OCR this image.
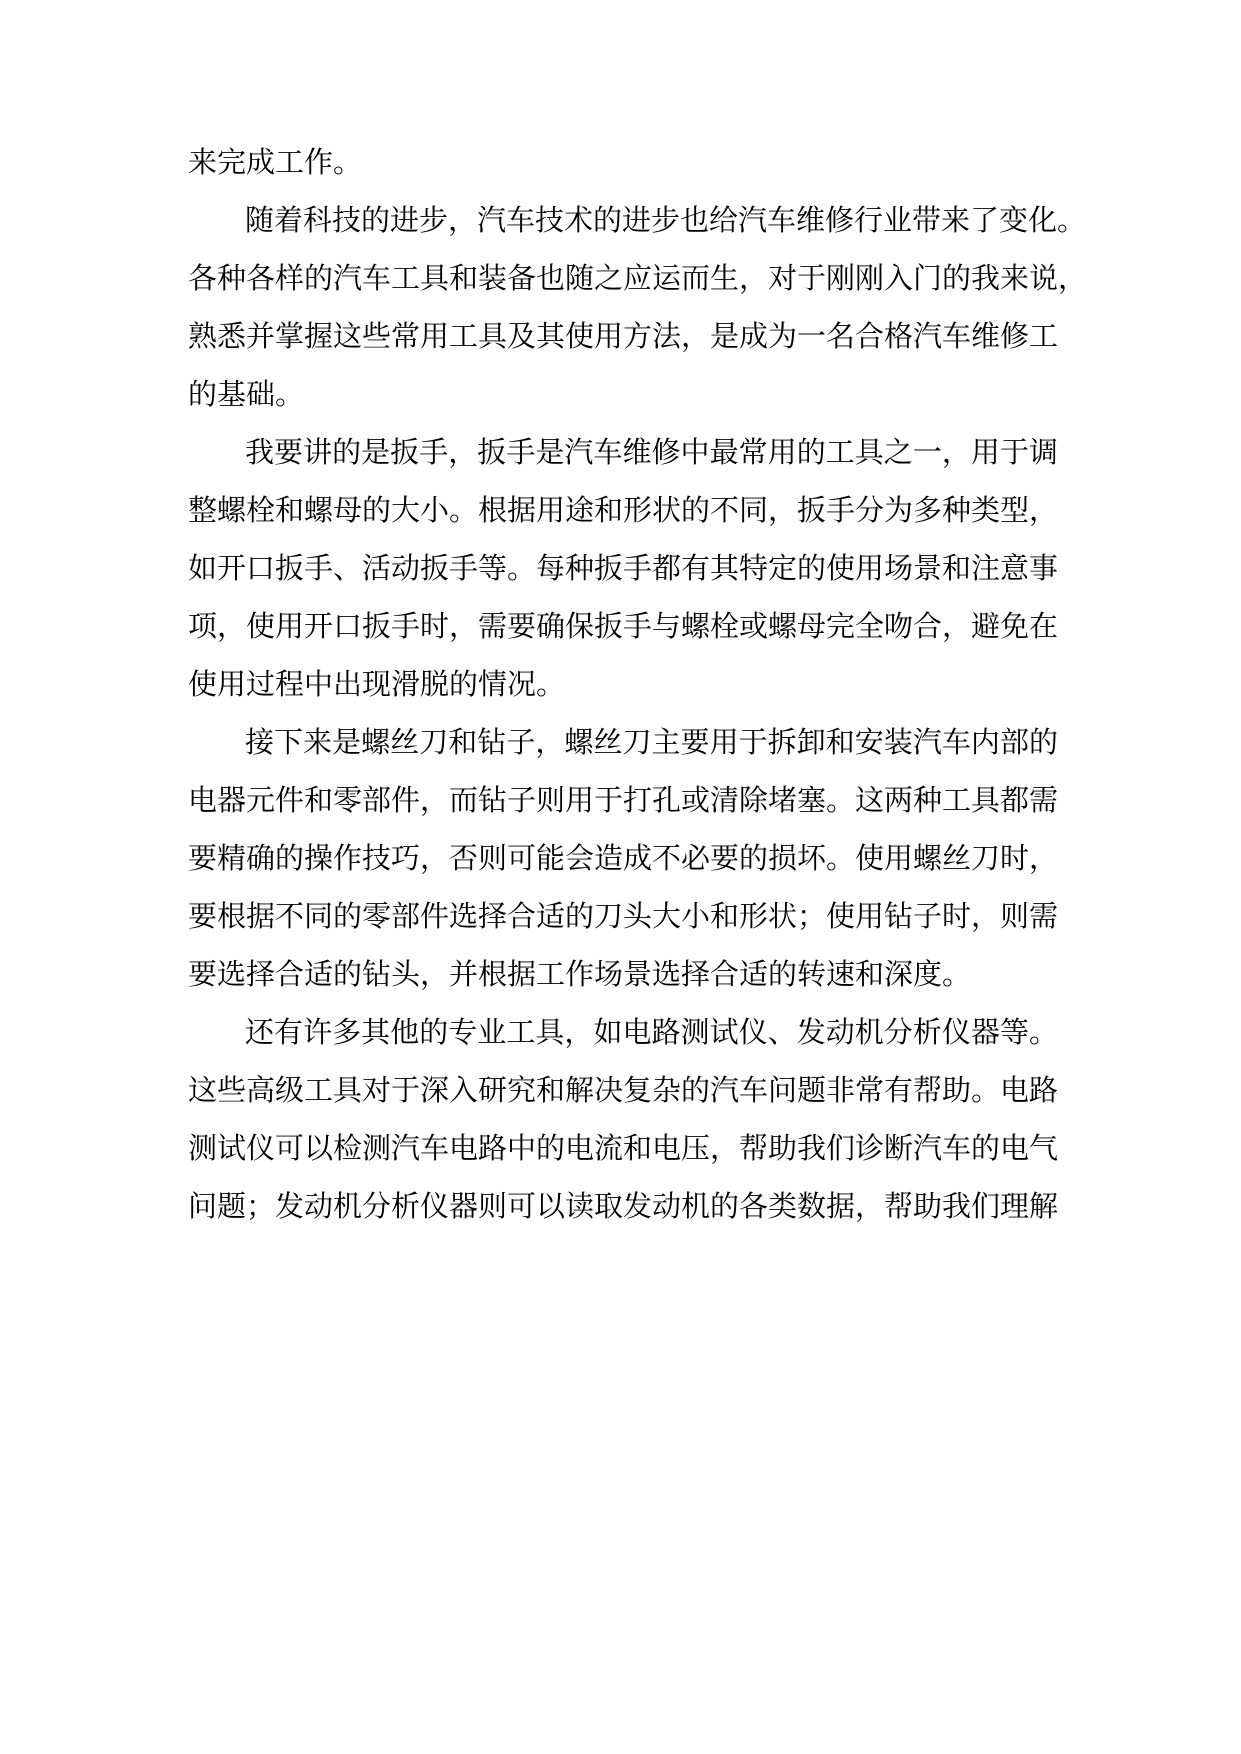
来完成工作。
随着科技的进步，汽车技术的进步也给汽车维修行业带来了变化。
各种各样的汽车工具和装备也随之应运而生，对于刚刚入门的我来说，
熟悉并掌握这些常用工具及其使用方法，是成为一名合格汽车维修工
的基础。
我要讲的是扳手，扳手是汽车维修中最常用的工具之一，用于调
整螺栓和螺母的大小。根据用途和形状的不同，扳手分为多种类型，
如开口扳手、活动扳手等。每种扳手都有其特定的使用场景和注意事
项，使用开口扳手时，需要确保扳手与螺栓或螺母完全吻合，避免在
使用过程中出现滑脱的情况。
接下来是螺丝刀和钻子，螺丝刀主要用于拆卸和安装汽车内部的
电器元件和零部件，而钻子则用于打孔或清除堵塞。这两种工具都需
要精确的操作技巧，否则可能会造成不必要的损坏。使用螺丝刀时，
要根据不同的零部件选择合适的刀头大小和形状；使用钻子时，则需
要选择合适的钻头，并根据工作场景选择合适的转速和深度。
还有许多其他的专业工具，如电路测试仪、发动机分析仪器等。
这些高级工具对于深入研究和解决复杂的汽车问题非常有帮助。电路
测试仪可以检测汽车电路中的电流和电压，帮助我们诊断汽车的电气
问题；发动机分析仪器则可以读取发动机的各类数据，帮助我们理解
